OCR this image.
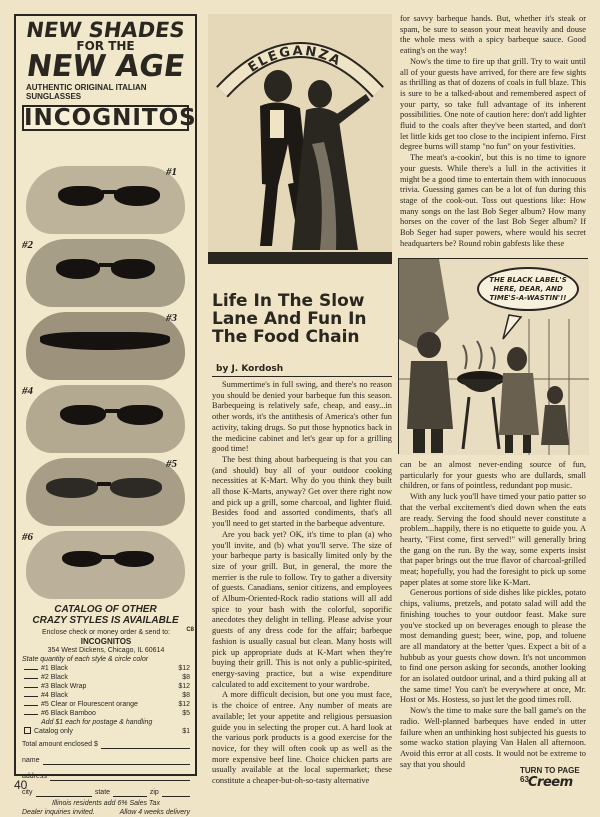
NEW SHADES
FOR THE
NEW AGE
AUTHENTIC ORIGINAL ITALIAN SUNGLASSES
INCOGNITOS
#1
#2
#3
#4
#5
#6
CATALOG OF OTHER
CRAZY STYLES IS AVAILABLE
Enclose check or money order & send to:	C8
INCOGNITOS
354 West Dickens, Chicago, IL 60614
State quantity of each style & circle color
#1 Black	$12
#2 Black	$8
#3 Black Wrap	$12
#4 Black	$8
#5 Clear or Flourescent orange	$12
#6 Black Bamboo	$5
Add $1 each for postage & handling
Catalog only	$1
Total amount enclosed $
name
address
city	state	zip
Illinois residents add 6% Sales Tax
Dealer inquiries invited.	Allow 4 weeks delivery
ELEGANZA
Life In The Slow Lane And Fun In The Food Chain
by J. Kordosh

Summertime's in full swing, and there's no reason you should be denied your barbeque fun this season. Barbequeing is relatively safe, cheap, and easy...in other words, it's the antithesis of America's other fun activity, taking drugs. So put those hypnotics back in the medicine cabinet and let's gear up for a grilling good time!

The best thing about barbequeing is that you can (and should) buy all of your outdoor cooking necessities at K-Mart. Why do you think they built all those K-Marts, anyway? Get over there right now and pick up a grill, some charcoal, and lighter fluid. Besides food and assorted condiments, that's all you'll need to get started in the barbeque adventure.

Are you back yet? OK, it's time to plan (a) who you'll invite, and (b) what you'll serve. The size of your barbeque party is basically limited only by the size of your grill. But, in general, the more the merrier is the rule to follow. Try to gather a diversity of guests. Canadians, senior citizens, and employees of Album-Oriented-Rock radio stations will all add spice to your bash with the colorful, soporific anecdotes they delight in telling. Please advise your guests of any dress code for the affair; barbeque fashion is usually casual but clean. Many hosts will pick up appropriate duds at K-Mart when they're buying their grill. This is not only a public-spirited, energy-saving practice, but a wise expenditure calculated to add excitement to your wardrobe.

A more difficult decision, but one you must face, is the choice of entree. Any number of meats are available; let your appetite and religious persuasion guide you in selecting the proper cut. A hard look at the various pork products is a good exercise for the novice, for they will often cook up as well as the more expensive beef line. Choice chicken parts are usually available at the local supermarket; these constitute a cheaper-but-oh-so-tasty alternative

for savvy barbeque hands. But, whether it's steak or spam, be sure to season your meat heavily and douse the whole mess with a spicy barbeque sauce. Good eating's on the way!

Now's the time to fire up that grill. Try to wait until all of your guests have arrived, for there are few sights as thrilling as that of dozens of coals in full blaze. This is sure to be a talked-about and remembered aspect of your party, so take full advantage of its inherent possibilities. One note of caution here: don't add lighter fluid to the coals after they've been started, and don't let little kids get too close to the incipient inferno. First degree burns will stamp "no fun" on your festivities.

The meat's a-cookin', but this is no time to ignore your guests. While there's a lull in the activities it might be a good time to entertain them with innocuous trivia. Guessing games can be a lot of fun during this stage of the cook-out. Toss out questions like: How many songs on the last Bob Seger album? How many horses on the cover of the last Bob Seger album? If Bob Seger had super powers, where would his secret headquarters be? Round robin gabfests like these

THE BLACK LABEL'S HERE, DEAR, AND TIME'S-A-WASTIN'!!

can be an almost never-ending source of fun, particularly for your guests who are dullards, small children, or fans of pointless, redundant pop music.

With any luck you'll have timed your patio patter so that the verbal excitement's died down when the eats are ready. Serving the food should never constitute a problem...happily, there is no etiquette to guide you. A hearty, "First come, first served!" will generally bring the gang on the run. By the way, some experts insist that paper brings out the true flavor of charcoal-grilled meat; hopefully, you had the foresight to pick up some paper plates at some store like K-Mart.

Generous portions of side dishes like pickles, potato chips, valiums, pretzels, and potato salad will add the finishing touches to your outdoor feast. Make sure you've stocked up on beverages enough to please the most demanding guest; beer, wine, pop, and toluene are all mandatory at the better 'ques. Expect a bit of a hubbub as your guests chow down. It's not uncommon to find one person asking for seconds, another looking for an isolated outdoor urinal, and a third puking all at the same time! You can't be everywhere at once, Mr. Host or Ms. Hostess, so just let the good times roll.

Now's the time to make sure the ball game's on the radio. Well-planned barbeques have ended in utter failure when an unthinking host subjected his guests to some wacko station playing Van Halen all afternoon. Avoid this error at all costs. It would not be extreme to say that you should

TURN TO PAGE 63
40	Creem
